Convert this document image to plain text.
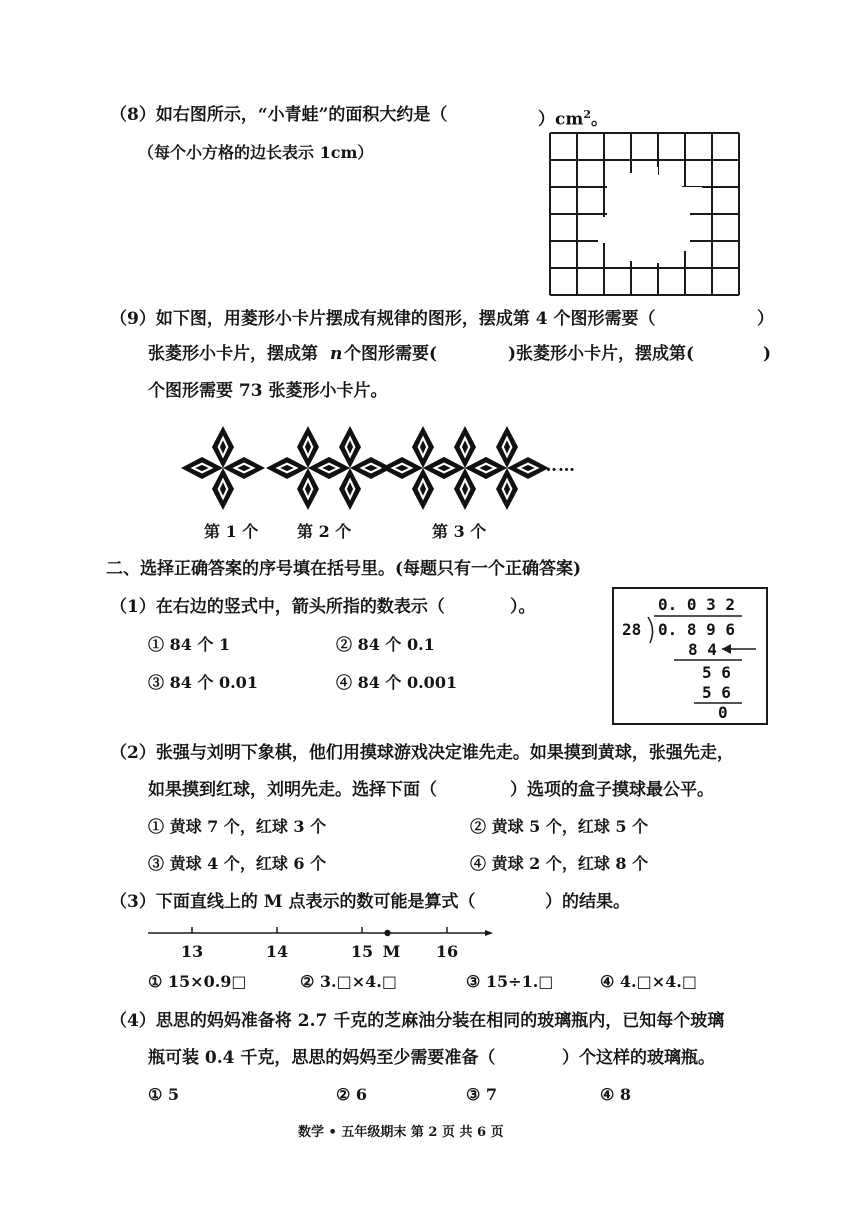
（8）如右图所示，“小青蛙”的面积大约是（	）$cm^2$。
（每个小方格的边长表示 1cm）
（9）如下图，用菱形小卡片摆成有规律的图形，摆成第 4 个图形需要（	）
张菱形小卡片，摆成第 n 个图形需要(	)张菱形小卡片，摆成第(	)
个图形需要 73 张菱形小卡片。
……
第 1 个 第 2 个	第 3 个
二、选择正确答案的序号填在括号里。(每题只有一个正确答案)
（1）在右边的竖式中，箭头所指的数表示（	）。
① 84 个 1	② 84 个 0.1
③ 84 个 0.01	④ 84 个 0.001
0. 0 3 2
28 0. 8 9 6
8 4
5 6
5 6
0
（2）张强与刘明下象棋，他们用摸球游戏决定谁先走。如果摸到黄球，张强先走，
如果摸到红球，刘明先走。选择下面（	）选项的盒子摸球最公平。
① 黄球 7 个，红球 3 个	② 黄球 5 个，红球 5 个
③ 黄球 4 个，红球 6 个	④ 黄球 2 个，红球 8 个
（3）下面直线上的 M 点表示的数可能是算式（	）的结果。
13	14	15	16
M
① 15×0.9□	② 3.□×4.□	③ 15÷1.□	④ 4.□×4.□
（4）思思的妈妈准备将 2.7 千克的芝麻油分装在相同的玻璃瓶内，已知每个玻璃
瓶可装 0.4 千克，思思的妈妈至少需要准备（	）个这样的玻璃瓶。
① 5	② 6	③ 7	④ 8
数学 • 五年级期末 第 2 页 共 6 页
